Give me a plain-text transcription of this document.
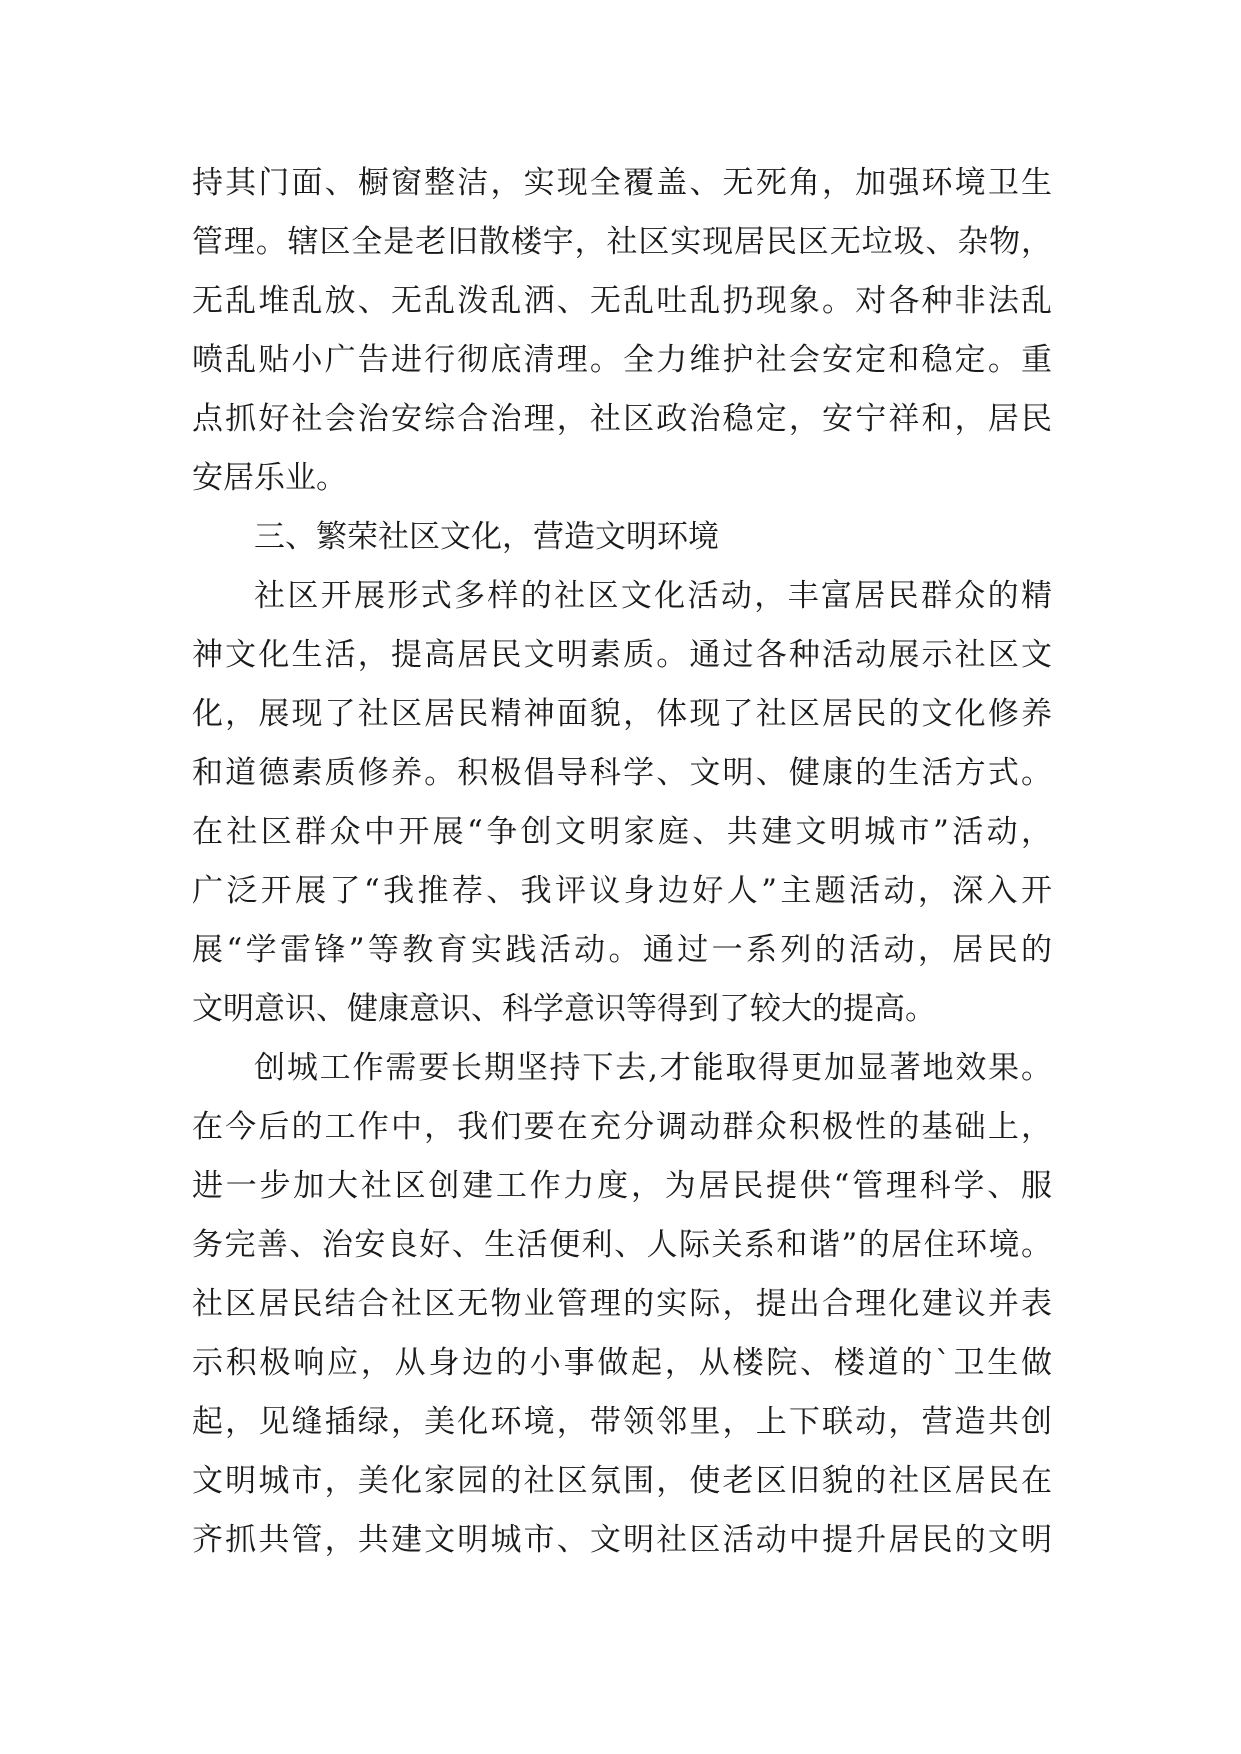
持其门面、橱窗整洁，实现全覆盖、无死角，加强环境卫生
管理。辖区全是老旧散楼宇，社区实现居民区无垃圾、杂物，
无乱堆乱放、无乱泼乱洒、无乱吐乱扔现象。对各种非法乱
喷乱贴小广告进行彻底清理。全力维护社会安定和稳定。重
点抓好社会治安综合治理，社区政治稳定，安宁祥和，居民
安居乐业。
三、繁荣社区文化，营造文明环境
社区开展形式多样的社区文化活动，丰富居民群众的精
神文化生活，提高居民文明素质。通过各种活动展示社区文
化，展现了社区居民精神面貌，体现了社区居民的文化修养
和道德素质修养。积极倡导科学、文明、健康的生活方式。
在社区群众中开展“争创文明家庭、共建文明城市”活动，
广泛开展了“我推荐、我评议身边好人”主题活动，深入开
展“学雷锋”等教育实践活动。通过一系列的活动，居民的
文明意识、健康意识、科学意识等得到了较大的提高。
创城工作需要长期坚持下去,才能取得更加显著地效果。
在今后的工作中，我们要在充分调动群众积极性的基础上，
进一步加大社区创建工作力度，为居民提供“管理科学、服
务完善、治安良好、生活便利、人际关系和谐”的居住环境。
社区居民结合社区无物业管理的实际，提出合理化建议并表
示积极响应，从身边的小事做起，从楼院、楼道的`卫生做
起，见缝插绿，美化环境，带领邻里，上下联动，营造共创
文明城市，美化家园的社区氛围，使老区旧貌的社区居民在
齐抓共管，共建文明城市、文明社区活动中提升居民的文明
